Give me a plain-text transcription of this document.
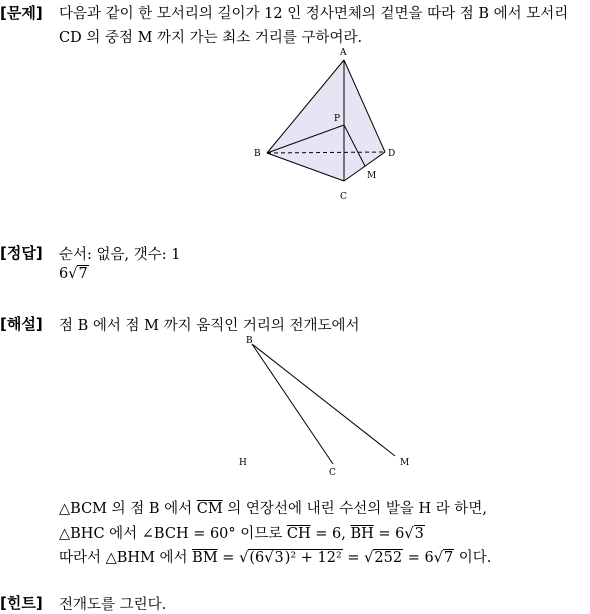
[문제] 다음과 같이 한 모서리의 길이가 12 인 정사면체의 겉면을 따라 점 B 에서 모서리
CD 의 중점 M 까지 가는 최소 거리를 구하여라.
A
P
B	D
M
C
[정답] 순서: 없음, 갯수: 1
6√7
[해설] 점 B 에서 점 M 까지 움직인 거리의 전개도에서
B
H
C
M
△BCM 의 점 B 에서 $\overline{CM}$ 의 연장선에 내린 수선의 발을 H 라 하면,
△BHC 에서 ∠BCH = 60° 이므로 $\overline{CH} = 6$, $\overline{BH} = 6√3$
따라서 △BHM 에서 $\overline{BM} = √(6√3)^2 + 12^2 = √252 = 6√7$ 이다.
[힌트] 전개도를 그린다.
